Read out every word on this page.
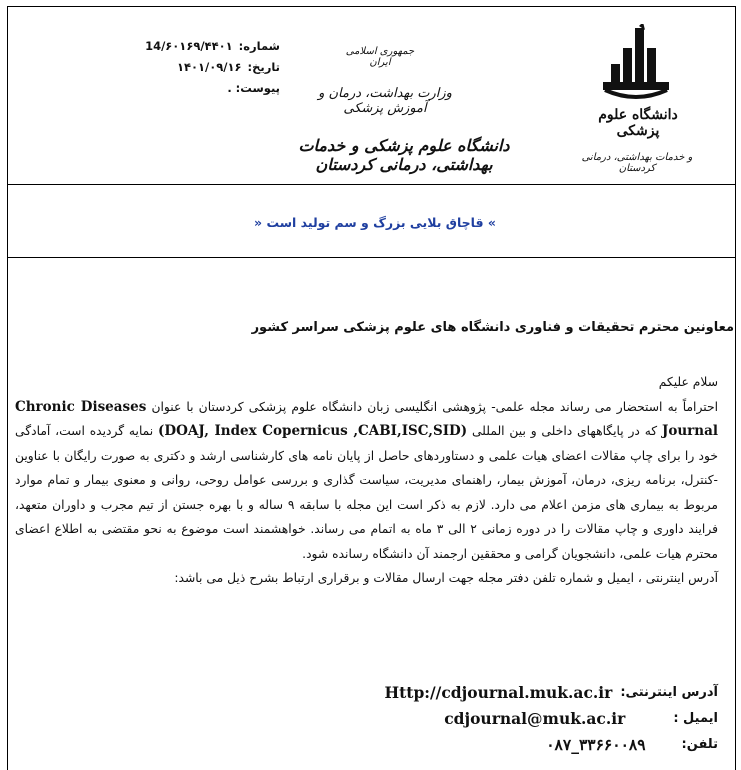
دانشگاه علوم پزشکی
و خدمات بهداشتی، درمانی کردستان
جمهوری اسلامی ایران
وزارت بهداشت، درمان و آموزش پزشکی
دانشگاه علوم پزشکی و خدمات بهداشتی، درمانی کردستان
شماره:
14/۶۰۱۶۹/۴۴۰۱
تاریخ:
۱۴۰۱/۰۹/۱۶
پیوست: .
» قاچاق بلایی بزرگ و سم تولید است «
معاونین محترم تحقیقات و فناوری دانشگاه های علوم پزشکی سراسر کشور

سلام علیکم

احتراماً به استحضار می رساند مجله علمی- پژوهشی انگلیسی زبان دانشگاه علوم پزشکی کردستان با عنوان Chronic Diseases Journal که در پایگاههای داخلی و بین المللی (DOAJ, Index Copernicus ,CABI,ISC,SID) نمایه گردیده است، آمادگی خود را برای چاپ مقالات اعضای هیات علمی و دستاوردهای حاصل از پایان نامه های کارشناسی ارشد و دکتری به صورت رایگان با عناوین -کنترل، برنامه ریزی، درمان، آموزش بیمار، راهنمای مدیریت، سیاست گذاری و بررسی عوامل روحی، روانی و معنوی بیمار و تمام موارد مربوط به بیماری های مزمن اعلام می دارد. لازم به ذکر است این مجله با سابقه ۹ ساله و با بهره جستن از تیم مجرب و داوران متعهد، فرایند داوری و چاپ مقالات را در دوره زمانی ۲ الی ۳ ماه به اتمام می رساند. خواهشمند است موضوع به نحو مقتضی به اطلاع اعضای محترم هیات علمی، دانشجویان گرامی و محققین ارجمند آن دانشگاه رسانده شود.

آدرس اینترنتی ، ایمیل و شماره تلفن دفتر مجله جهت ارسال مقالات و برقراری ارتباط بشرح ذیل می باشد:

آدرس اینترنتی:
Http://cdjournal.muk.ac.ir
ایمیل :
cdjournal@muk.ac.ir
تلفن:
۰۸۷_۳۳۶۶۰۰۸۹
